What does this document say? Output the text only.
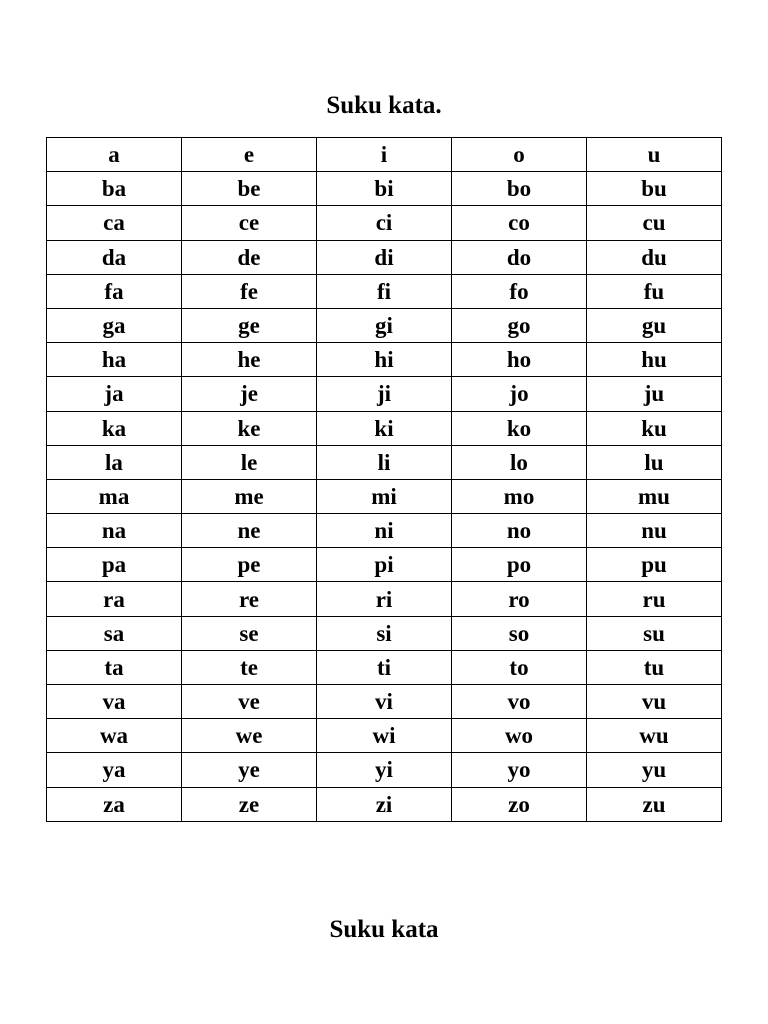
Suku kata.
a	e	i	o	u
ba	be	bi	bo	bu
ca	ce	ci	co	cu
da	de	di	do	du
fa	fe	fi	fo	fu
ga	ge	gi	go	gu
ha	he	hi	ho	hu
ja	je	ji	jo	ju
ka	ke	ki	ko	ku
la	le	li	lo	lu
ma	me	mi	mo	mu
na	ne	ni	no	nu
pa	pe	pi	po	pu
ra	re	ri	ro	ru
sa	se	si	so	su
ta	te	ti	to	tu
va	ve	vi	vo	vu
wa	we	wi	wo	wu
ya	ye	yi	yo	yu
za	ze	zi	zo	zu
Suku kata
